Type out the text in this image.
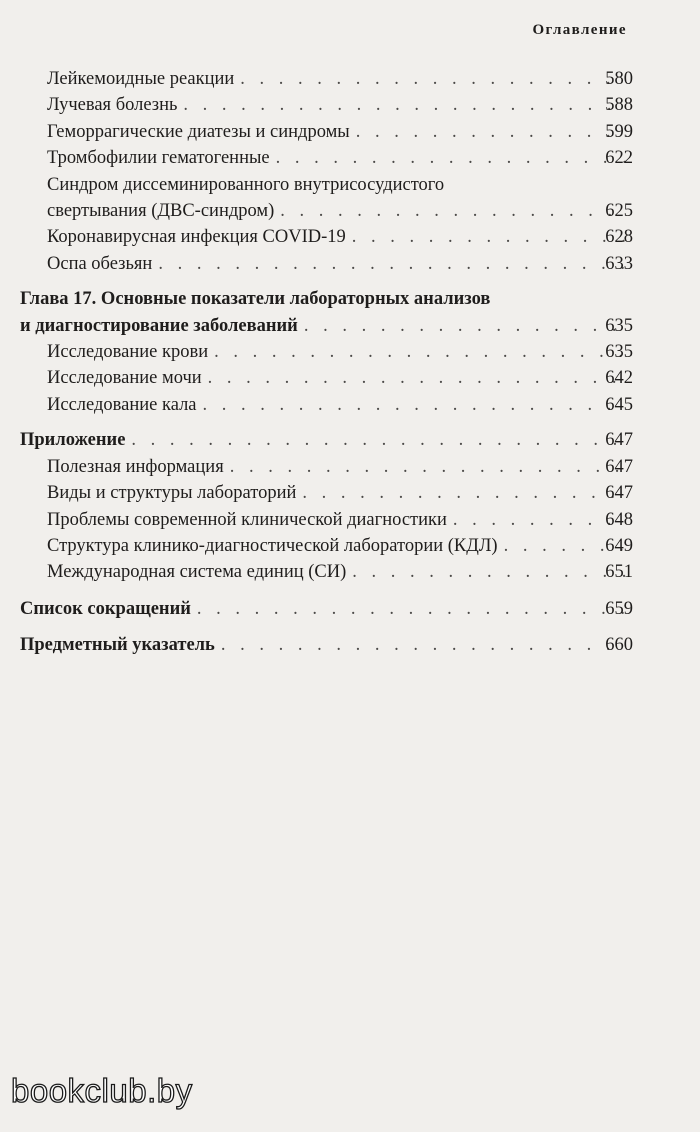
Оглавление
Лейкемоидные реакции . . .	580
Лучевая болезнь . . .	588
Геморрагические диатезы и синдромы . . .	599
Тромбофилии гематогенные . . .	622
Синдром диссеминированного внутрисосудистого
свертывания (ДВС-синдром) . . .	625
Коронавирусная инфекция COVID-19 . . .	628
Оспа обезьян . . .	633
Глава 17. Основные показатели лабораторных анализов
и диагностирование заболеваний . . .	635
Исследование крови . . .	635
Исследование мочи . . .	642
Исследование кала . . .	645
Приложение . . .	647
Полезная информация . . .	647
Виды и структуры лабораторий . . .	647
Проблемы современной клинической диагностики . . .	648
Структура клинико-диагностической лаборатории (КДЛ) . . .	649
Международная система единиц (СИ) . . .	651
Список сокращений . . .	659
Предметный указатель . . .	660
bookclub.by
